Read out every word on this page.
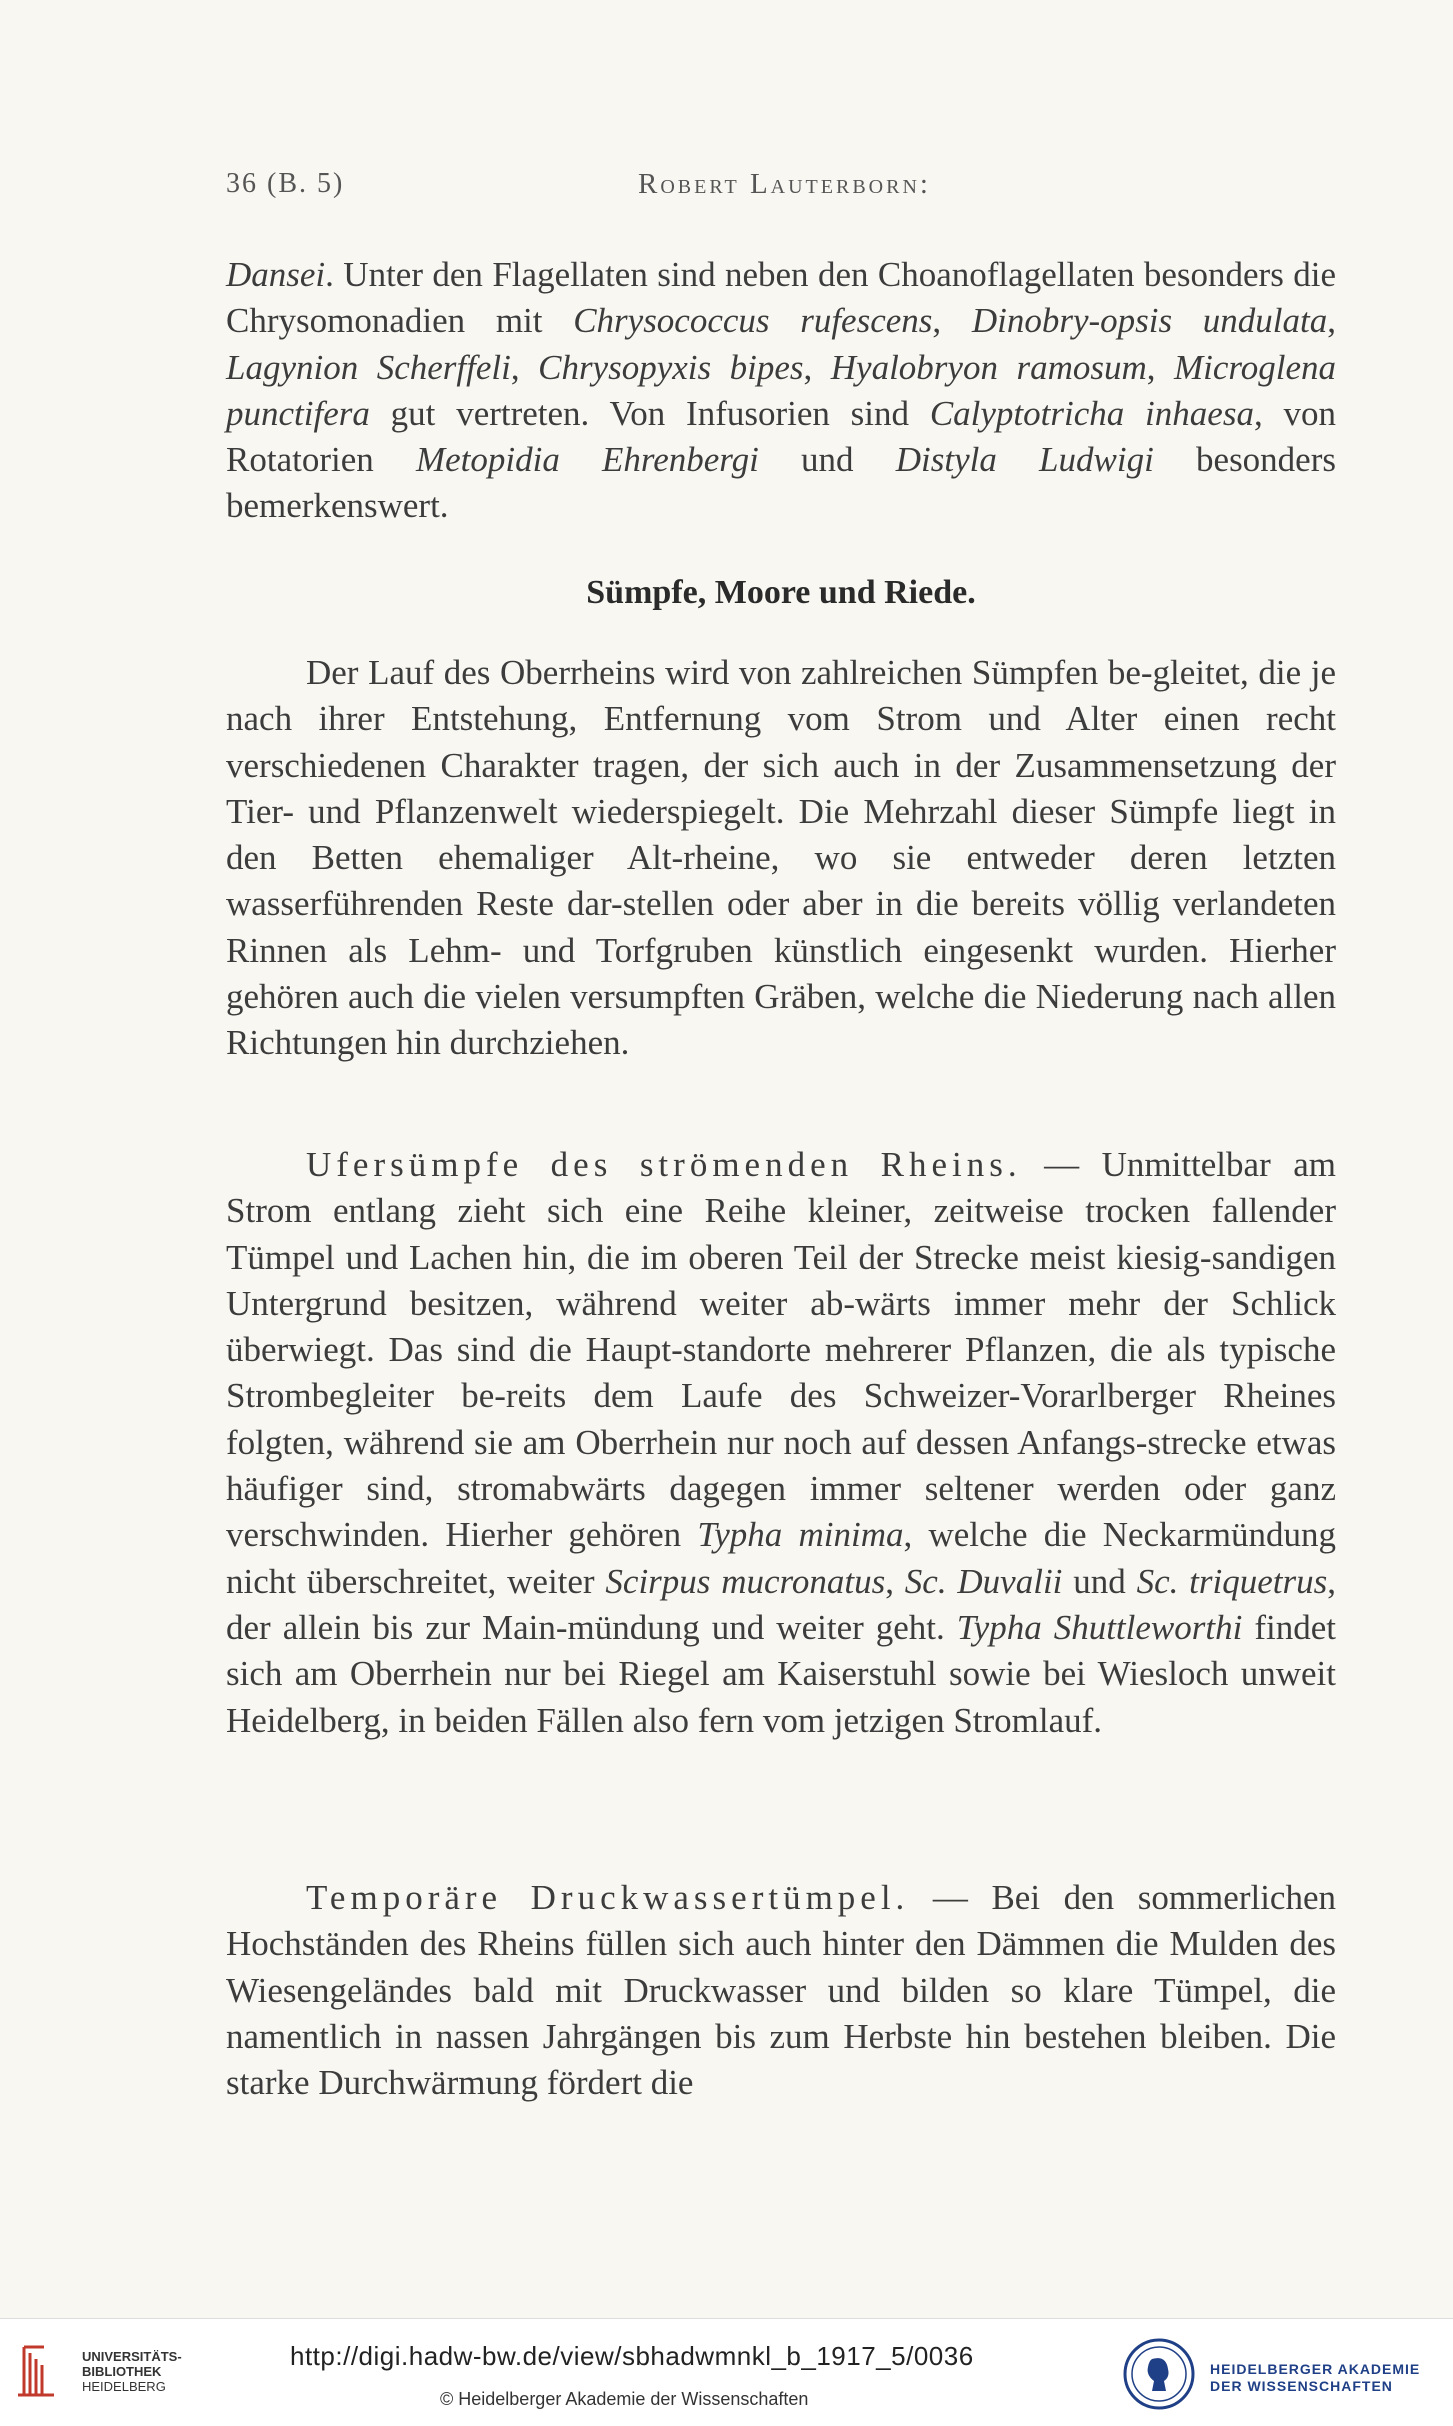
36 (B. 5)	Robert Lauterborn:

Dansei. Unter den Flagellaten sind neben den Choanoflagellaten besonders die Chrysomonadien mit Chrysococcus rufescens, Dinobry-opsis undulata, Lagynion Scherffeli, Chrysopyxis bipes, Hyalobryon ramosum, Microglena punctifera gut vertreten. Von Infusorien sind Calyptotricha inhaesa, von Rotatorien Metopidia Ehrenbergi und Distyla Ludwigi besonders bemerkenswert.

Sümpfe, Moore und Riede.

Der Lauf des Oberrheins wird von zahlreichen Sümpfen be-gleitet, die je nach ihrer Entstehung, Entfernung vom Strom und Alter einen recht verschiedenen Charakter tragen, der sich auch in der Zusammensetzung der Tier- und Pflanzenwelt wiederspiegelt. Die Mehrzahl dieser Sümpfe liegt in den Betten ehemaliger Alt-rheine, wo sie entweder deren letzten wasserführenden Reste dar-stellen oder aber in die bereits völlig verlandeten Rinnen als Lehm- und Torfgruben künstlich eingesenkt wurden. Hierher gehören auch die vielen versumpften Gräben, welche die Niederung nach allen Richtungen hin durchziehen.

Ufersümpfe des strömenden Rheins. — Unmittelbar am Strom entlang zieht sich eine Reihe kleiner, zeitweise trocken fallender Tümpel und Lachen hin, die im oberen Teil der Strecke meist kiesig-sandigen Untergrund besitzen, während weiter ab-wärts immer mehr der Schlick überwiegt. Das sind die Haupt-standorte mehrerer Pflanzen, die als typische Strombegleiter be-reits dem Laufe des Schweizer-Vorarlberger Rheines folgten, während sie am Oberrhein nur noch auf dessen Anfangs-strecke etwas häufiger sind, stromabwärts dagegen immer seltener werden oder ganz verschwinden. Hierher gehören Typha minima, welche die Neckarmündung nicht überschreitet, weiter Scirpus mucronatus, Sc. Duvalii und Sc. triquetrus, der allein bis zur Main-mündung und weiter geht. Typha Shuttleworthi findet sich am Oberrhein nur bei Riegel am Kaiserstuhl sowie bei Wiesloch unweit Heidelberg, in beiden Fällen also fern vom jetzigen Stromlauf.

Temporäre Druckwassertümpel. — Bei den sommerlichen Hochständen des Rheins füllen sich auch hinter den Dämmen die Mulden des Wiesengeländes bald mit Druckwasser und bilden so klare Tümpel, die namentlich in nassen Jahrgängen bis zum Herbste hin bestehen bleiben. Die starke Durchwärmung fördert die

UNIVERSITÄTS-
BIBLIOTHEK
HEIDELBERG
http://digi.hadw-bw.de/view/sbhadwmnkl_b_1917_5/0036
© Heidelberger Akademie der Wissenschaften
HEIDELBERGER AKADEMIE
DER WISSENSCHAFTEN
